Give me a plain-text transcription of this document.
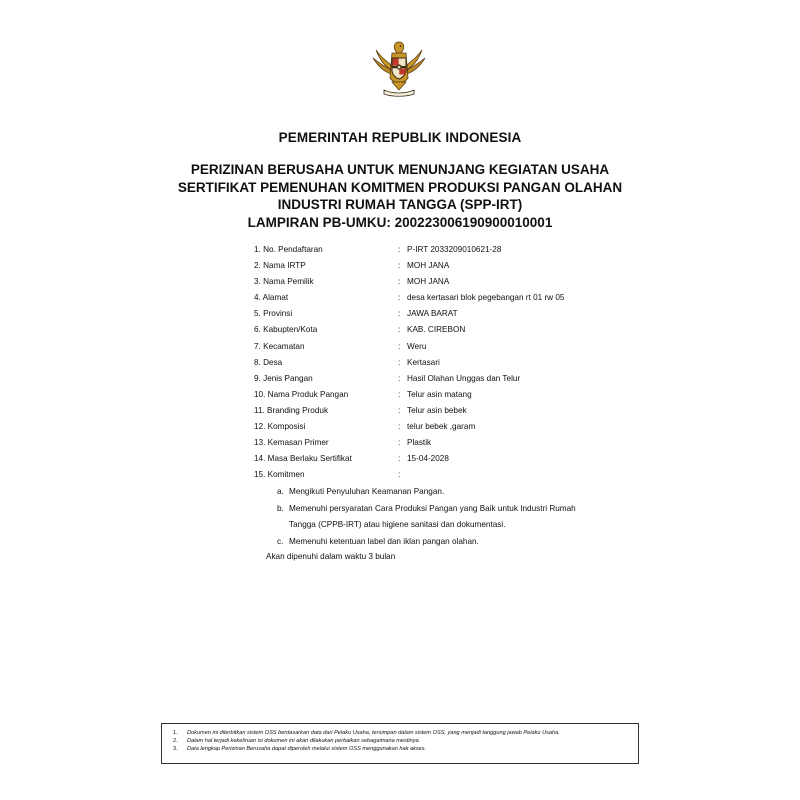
PEMERINTAH REPUBLIK INDONESIA
PERIZINAN BERUSAHA UNTUK MENUNJANG KEGIATAN USAHA
SERTIFIKAT PEMENUHAN KOMITMEN PRODUKSI PANGAN OLAHAN
INDUSTRI RUMAH TANGGA (SPP-IRT)
LAMPIRAN PB-UMKU: 200223006190900010001
1. No. Pendaftaran	: P-IRT 2033209010621-28
2. Nama IRTP	: MOH JANA
3. Nama Pemilik	: MOH JANA
4. Alamat	: desa kertasari blok pegebangan rt 01 rw 05
5. Provinsi	: JAWA BARAT
6. Kabupten/Kota	: KAB. CIREBON
7. Kecamatan	: Weru
8. Desa	: Kertasari
9. Jenis Pangan	: Hasil Olahan Unggas dan Telur
10. Nama Produk Pangan	: Telur asin matang
11. Branding Produk	: Telur asin bebek
12. Komposisi	: telur bebek ,garam
13. Kemasan Primer	: Plastik
14. Masa Berlaku Sertifikat	: 15-04-2028
15. Komitmen	:
a. Mengikuti Penyuluhan Keamanan Pangan.
b. Memenuhi persyaratan Cara Produksi Pangan yang Baik untuk Industri Rumah
Tangga (CPPB-IRT) atau higiene sanitasi dan dokumentasi.
c. Memenuhi ketentuan label dan iklan pangan olahan.
Akan dipenuhi dalam waktu 3 bulan
1. Dokumen ini diterbitkan sistem OSS berdasarkan data dari Pelaku Usaha, tersimpan dalam sistem OSS, yang menjadi tanggung jawab Pelaku Usaha.
2. Dalam hal terjadi kekeliruan isi dokumen ini akan dilakukan perbaikan sebagaimana mestinya.
3. Data lengkap Perizinan Berusaha dapat diperoleh melalui sistem OSS menggunakan hak akses.
